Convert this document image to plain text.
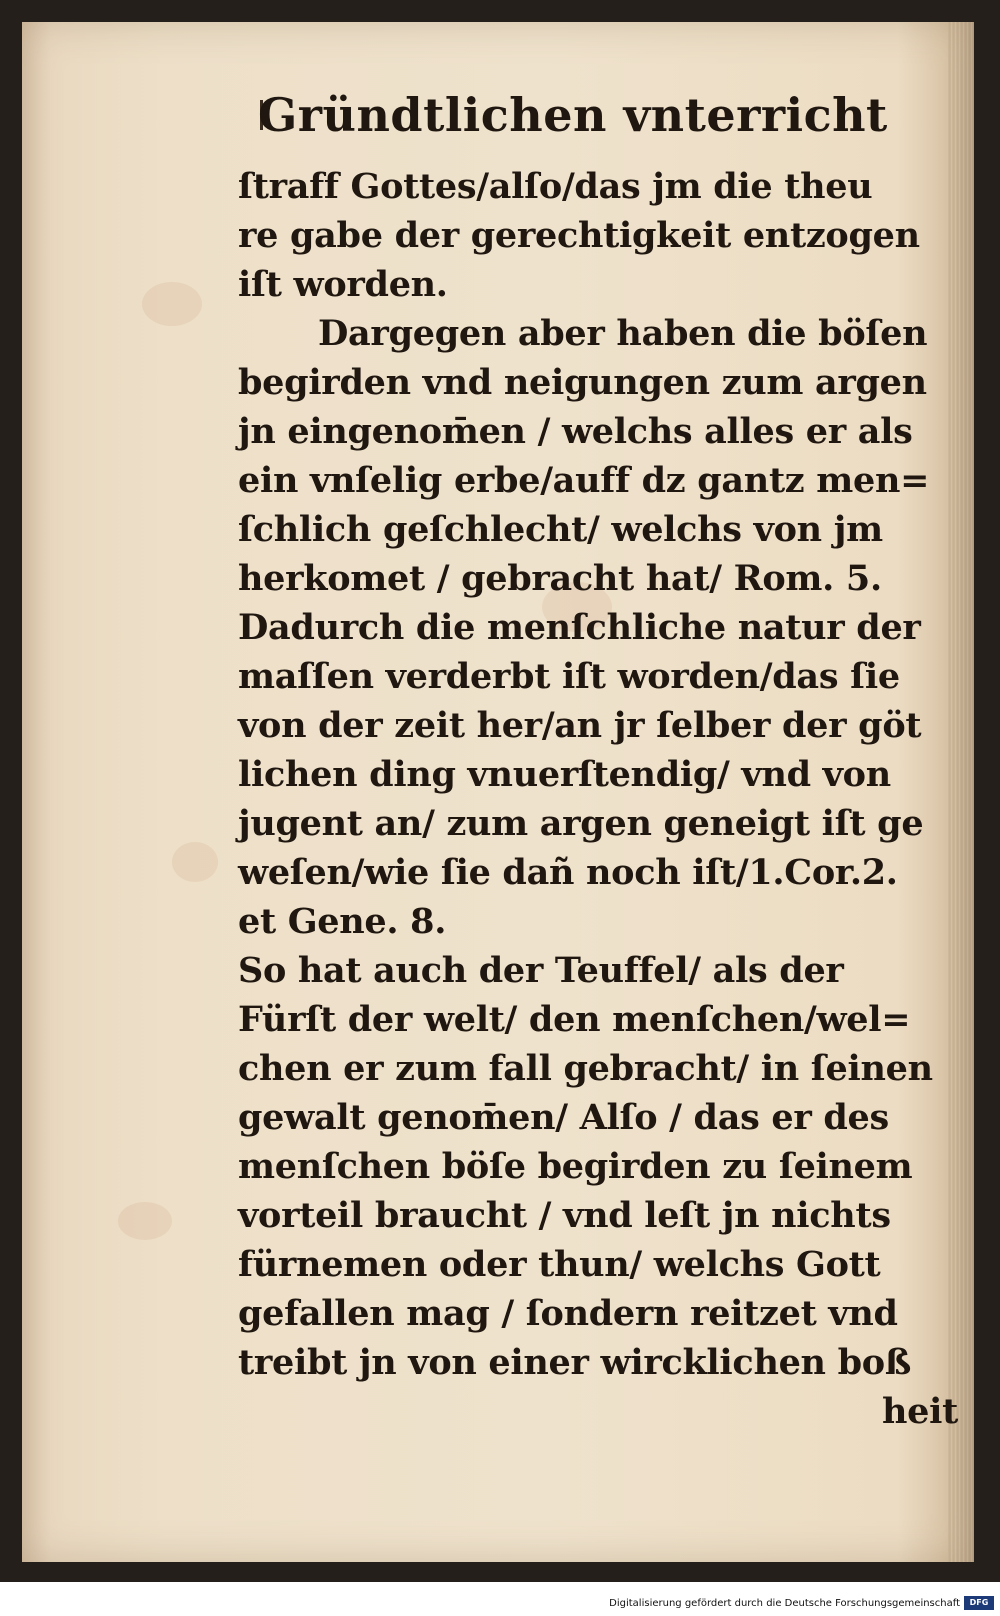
Gründtlichen vnterricht
ſtraff Gottes/alſo/das jm die theu
re gabe der gerechtigkeit entzogen
iſt worden.
Dargegen aber haben die böſen
begirden vnd neigungen zum argen
jn eingenom̄en / welchs alles er als
ein vnſelig erbe/auff dz gantz men=
ſchlich geſchlecht/ welchs von jm
herkomet / gebracht hat/ Rom. 5.
Dadurch die menſchliche natur der
maſſen verderbt iſt worden/das ſie
von der zeit her/an jr ſelber der göt
lichen ding vnuerſtendig/ vnd von
jugent an/ zum argen geneigt iſt ge
weſen/wie ſie dañ noch iſt/1.Cor.2.
et Gene. 8.
So hat auch der Teuffel/ als der
Fürſt der welt/ den menſchen/wel=
chen er zum fall gebracht/ in ſeinen
gewalt genom̄en/ Alſo / das er des
menſchen böſe begirden zu ſeinem
vorteil braucht / vnd leſt jn nichts
fürnemen oder thun/ welchs Gott
gefallen mag / ſondern reitzet vnd
treibt jn von einer wircklichen boß
heit
Digitalisierung gefördert durch die Deutsche Forschungsgemeinschaft	DFG
